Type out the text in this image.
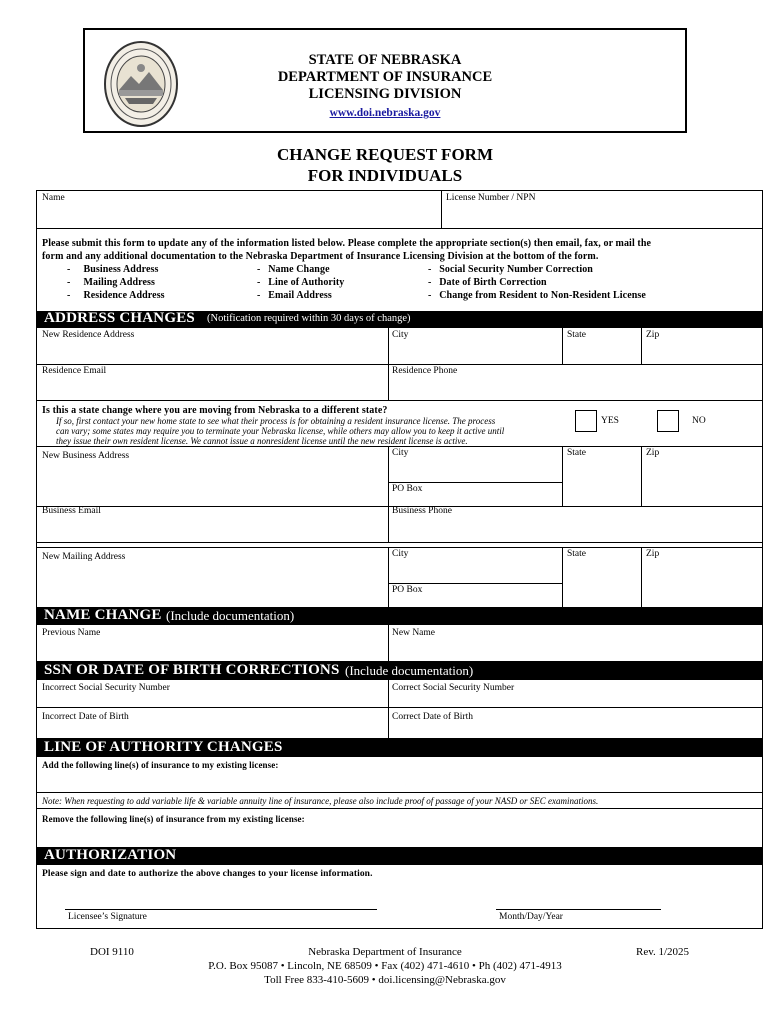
STATE OF NEBRASKA
DEPARTMENT OF INSURANCE
LICENSING DIVISION
www.doi.nebraska.gov
CHANGE REQUEST FORM
FOR INDIVIDUALS
Name	License Number / NPN
Please submit this form to update any of the information listed below. Please complete the appropriate section(s) then email, fax, or mail the
form and any additional documentation to the Nebraska Department of Insurance Licensing Division at the bottom of the form.
-     Business Address	-   Name Change	-   Social Security Number Correction
-     Mailing Address	-   Line of Authority	-   Date of Birth Correction
-     Residence Address	-   Email Address	-   Change from Resident to Non-Resident License
ADDRESS CHANGES (Notification required within 30 days of change)
New Residence Address	City	State	Zip
Residence Email	Residence Phone
Is this a state change where you are moving from Nebraska to a different state?
If so, first contact your new home state to see what their process is for obtaining a resident insurance license. The process
can vary; some states may require you to terminate your Nebraska license, while others may allow you to keep it active until
they issue their own resident license. We cannot issue a nonresident license until the new resident license is active.
YES	NO
New Business Address	City	State	Zip
PO Box
Business Email	Business Phone
New Mailing Address	City	State	Zip
PO Box
NAME CHANGE (Include documentation)
Previous Name	New Name
SSN OR DATE OF BIRTH CORRECTIONS (Include documentation)
Incorrect Social Security Number	Correct Social Security Number
Incorrect Date of Birth	Correct Date of Birth
LINE OF AUTHORITY CHANGES
Add the following line(s) of insurance to my existing license:
Note: When requesting to add variable life & variable annuity line of insurance, please also include proof of passage of your NASD or SEC examinations.
Remove the following line(s) of insurance from my existing license:
AUTHORIZATION
Please sign and date to authorize the above changes to your license information.
Licensee’s Signature	Month/Day/Year
DOI 9110	Nebraska Department of Insurance
P.O. Box 95087 • Lincoln, NE 68509 • Fax (402) 471-4610 • Ph (402) 471-4913
Toll Free 833-410-5609 • doi.licensing@Nebraska.gov
Rev. 1/2025
